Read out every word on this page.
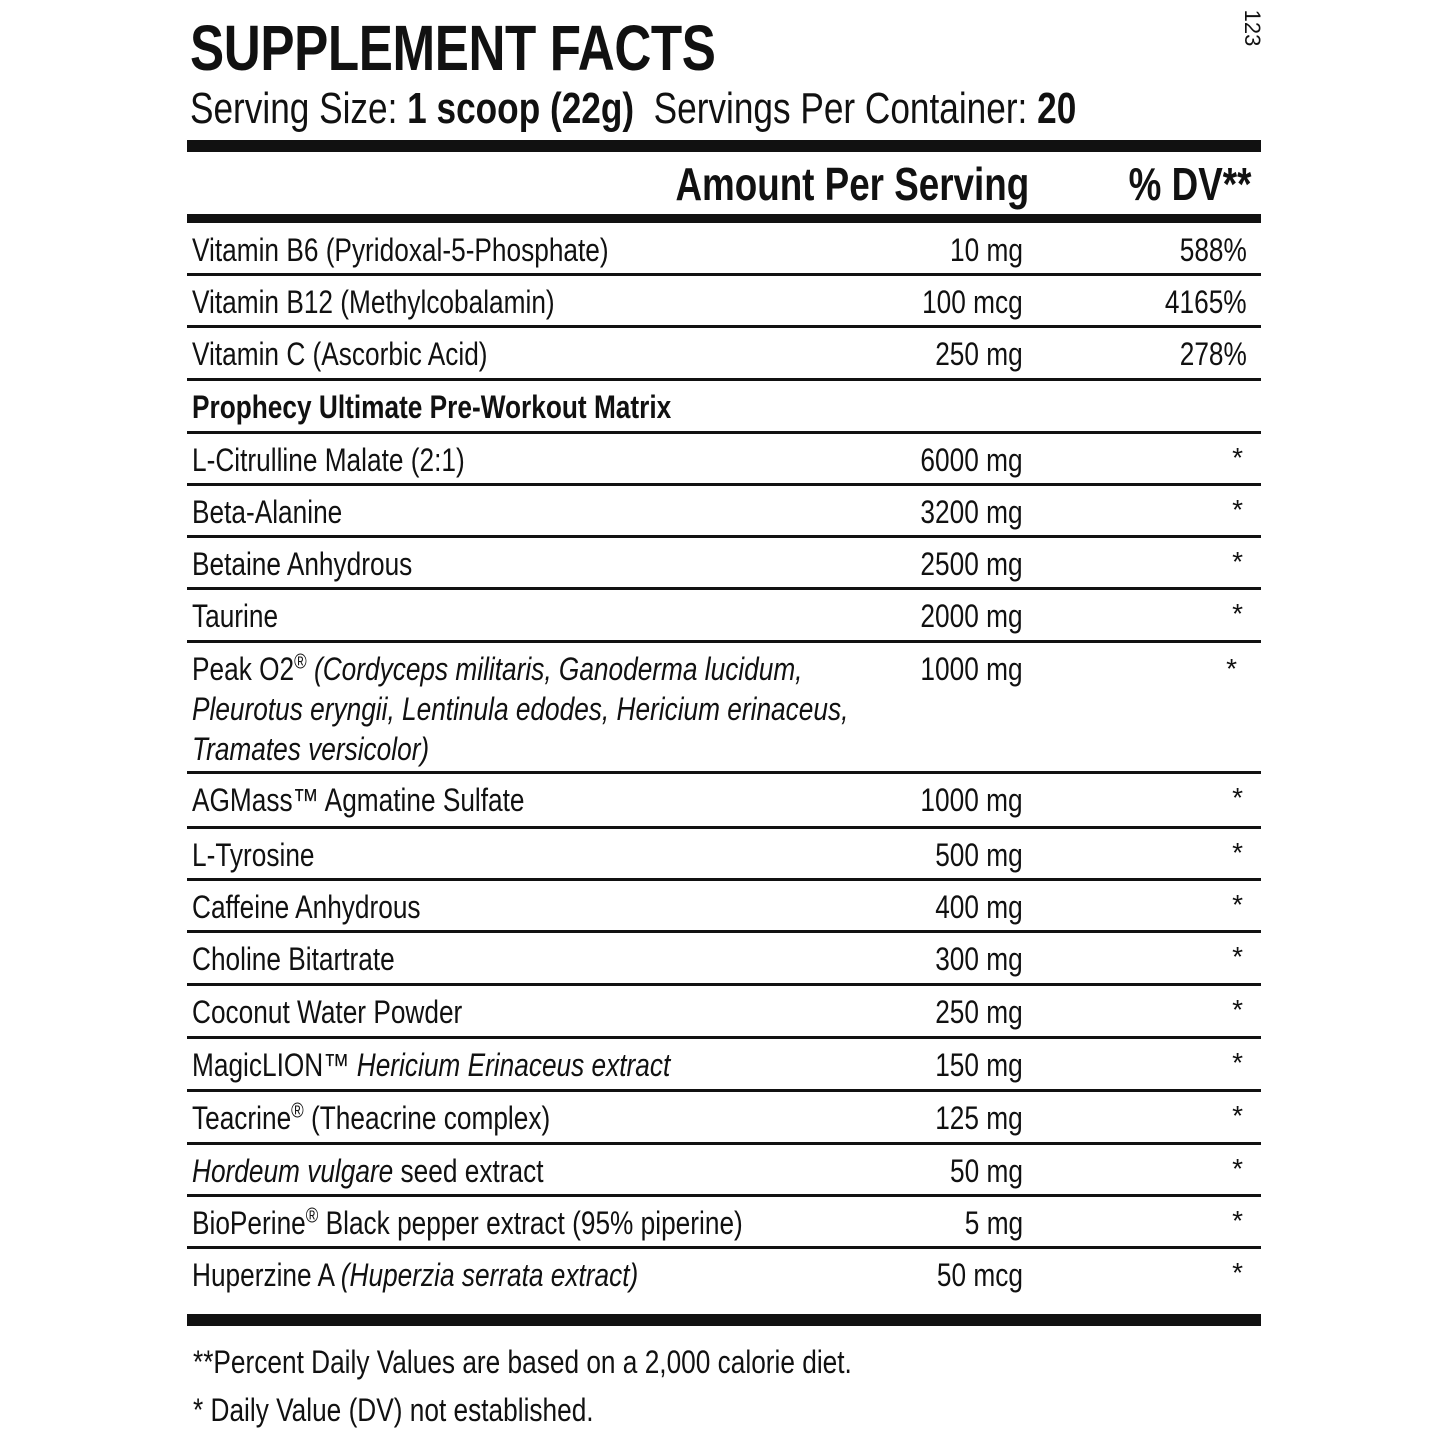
SUPPLEMENT FACTS	123
Serving Size: 1 scoop (22g) Servings Per Container: 20
Amount Per Serving % DV**
Vitamin B6 (Pyridoxal-5-Phosphate)	10 mg	588%
Vitamin B12 (Methylcobalamin)	100 mcg	4165%
Vitamin C (Ascorbic Acid)	250 mg	278%
Prophecy Ultimate Pre-Workout Matrix
L-Citrulline Malate (2:1)	6000 mg	*
Beta-Alanine	3200 mg	*
Betaine Anhydrous	2500 mg	*
Taurine	2000 mg	*
Peak O2® (Cordyceps militaris, Ganoderma lucidum,
Pleurotus eryngii, Lentinula edodes, Hericium erinaceus,
Tramates versicolor)
1000 mg	*
AGMass™ Agmatine Sulfate	1000 mg	*
L-Tyrosine	500 mg	*
Caffeine Anhydrous	400 mg	*
Choline Bitartrate	300 mg	*
Coconut Water Powder	250 mg	*
MagicLION™ Hericium Erinaceus extract	150 mg	*
Teacrine® (Theacrine complex)	125 mg	*
Hordeum vulgare seed extract	50 mg	*
BioPerine® Black pepper extract (95% piperine)	5 mg	*
Huperzine A (Huperzia serrata extract)	50 mcg	*
**Percent Daily Values are based on a 2,000 calorie diet.
* Daily Value (DV) not established.
